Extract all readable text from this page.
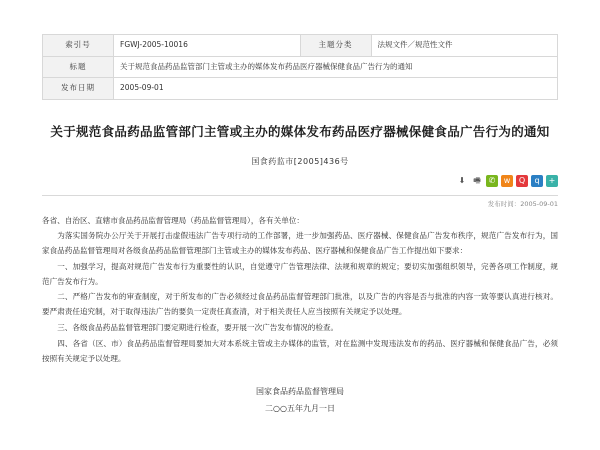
索引号	FGWJ-2005-10016	主题分类	法规文件／规范性文件
标题	关于规范食品药品监管部门主管或主办的媒体发布药品医疗器械保健食品广告行为的通知		
发布日期	2005-09-01		
关于规范食品药品监管部门主管或主办的媒体发布药品医疗器械保健食品广告行为的通知
国食药监市[2005]436号
⬇ 🖷 ✆	w	Q	q	+
发布时间：2005-09-01

各省、自治区、直辖市食品药品监督管理局（药品监督管理局），各有关单位：

为落实国务院办公厅关于开展打击虚假违法广告专项行动的工作部署，进一步加强药品、医疗器械、保健食品广告发布秩序，规范广告发布行为，国家食品药品监督管理局对各级食品药品监督管理部门主管或主办的媒体发布药品、医疗器械和保健食品广告工作提出如下要求：

一、加强学习，提高对规范广告发布行为重要性的认识，自觉遵守广告管理法律、法规和规章的规定；要切实加强组织领导，完善各项工作制度，规范广告发布行为。

二、严格广告发布的审查制度，对于所发布的广告必须经过食品药品监督管理部门批准，以及广告的内容是否与批准的内容一致等要认真进行核对。要严肃责任追究制，对于取得违法广告的要负一定责任真查清，对于相关责任人应当按照有关规定予以处理。

三、各级食品药品监督管理部门要定期进行检查，要开展一次广告发布情况的检查。

四、各省（区、市）食品药品监督管理局要加大对本系统主管或主办媒体的监管，对在监测中发现违法发布的药品、医疗器械和保健食品广告，必须按照有关规定予以处理。

国家食品药品监督管理局
二○○五年九月一日
